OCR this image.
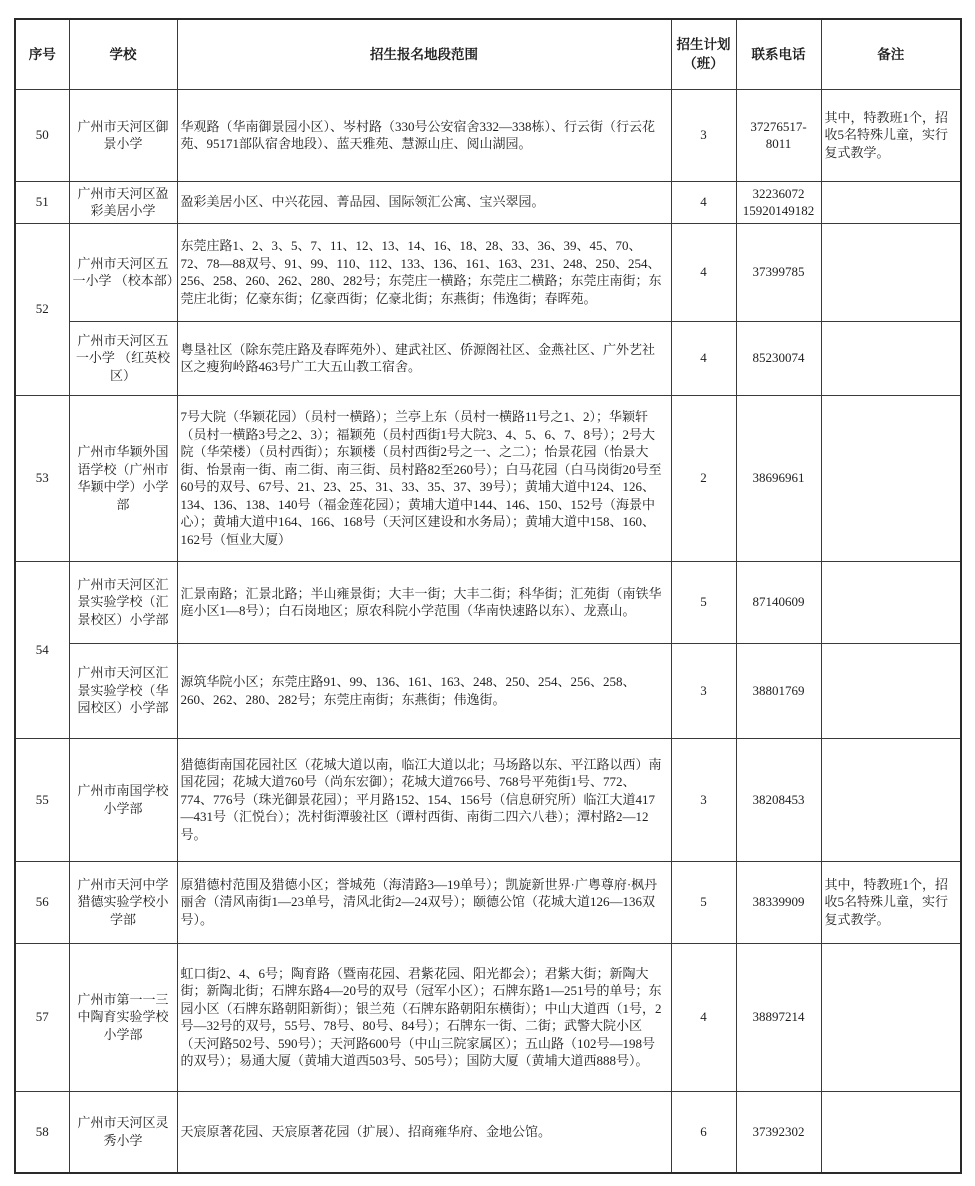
序号	学校	招生报名地段范围	招生计划（班）	联系电话	备注
50	广州市天河区御景小学	华观路（华南御景园小区）、岑村路（330号公安宿舍332—338栋）、行云街（行云花苑、95171部队宿舍地段）、蓝天雅苑、慧源山庄、阅山湖园。	3	37276517-8011	其中，特教班1个，招收5名特殊儿童，实行复式教学。
51	广州市天河区盈彩美居小学	盈彩美居小区、中兴花园、菁品园、国际领汇公寓、宝兴翠园。	4	32236072 15920149182	
52	广州市天河区五一小学 （校本部）	东莞庄路1、2、3、5、7、11、12、13、14、16、18、28、33、36、39、45、70、72、78—88双号、91、99、110、112、133、136、161、163、231、248、250、254、256、258、260、262、280、282号；东莞庄一横路；东莞庄二横路；东莞庄南街；东莞庄北街；亿豪东街；亿豪西街；亿豪北街；东燕街；伟逸街；春晖苑。	4	37399785	
	广州市天河区五一小学 （红英校区）	粤垦社区（除东莞庄路及春晖苑外）、建武社区、侨源阁社区、金燕社区、广外艺社区之瘦狗岭路463号广工大五山教工宿舍。	4	85230074	
53	广州市华颖外国语学校（广州市华颖中学）小学部	7号大院（华颖花园）（员村一横路）；兰亭上东（员村一横路11号之1、2）；华颖轩（员村一横路3号之2、3）；福颖苑（员村西街1号大院3、4、5、6、7、8号）；2号大院（华荣楼）（员村西街）；东颖楼（员村西街2号之一、之二）；怡景花园（怡景大街、怡景南一街、南二街、南三街、员村路82至260号）；白马花园（白马岗街20号至60号的双号、67号、21、23、25、31、33、35、37、39号）；黄埔大道中124、126、134、136、138、140号（福金莲花园）；黄埔大道中144、146、150、152号（海景中心）；黄埔大道中164、166、168号（天河区建设和水务局）；黄埔大道中158、160、162号（恒业大厦）	2	38696961	
54	广州市天河区汇景实验学校（汇景校区）小学部	汇景南路；汇景北路；半山雍景街；大丰一街；大丰二街；科华街；汇苑街（南铁华庭小区1—8号）；白石岗地区；原农科院小学范围（华南快速路以东）、龙熹山。	5	87140609	
	广州市天河区汇景实验学校（华园校区）小学部	源筑华院小区；东莞庄路91、99、136、161、163、248、250、254、256、258、260、262、280、282号；东莞庄南街；东燕街；伟逸街。	3	38801769	
55	广州市南国学校小学部	猎德街南国花园社区（花城大道以南，临江大道以北；马场路以东、平江路以西）南国花园；花城大道760号（尚东宏御）；花城大道766号、768号平苑街1号、772、774、776号（珠光御景花园）；平月路152、154、156号（信息研究所）临江大道417—431号（汇悦台）；冼村街潭骏社区（谭村西街、南街二四六八巷）；潭村路2—12号。	3	38208453	
56	广州市天河中学猎德实验学校小学部	原猎德村范围及猎德小区；誉城苑（海清路3—19单号）；凯旋新世界·广粤尊府·枫丹丽舍（清风南街1—23单号，清风北街2—24双号）；颐德公馆（花城大道126—136双号）。	5	38339909	其中，特教班1个，招收5名特殊儿童，实行复式教学。
57	广州市第一一三中陶育实验学校小学部	虹口街2、4、6号；陶育路（暨南花园、君紫花园、阳光都会）；君紫大街；新陶大街；新陶北街；石牌东路4—20号的双号（冠军小区）；石牌东路1—251号的单号；东园小区（石牌东路朝阳新街）；银兰苑（石牌东路朝阳东横街）；中山大道西（1号，2号—32号的双号，55号、78号、80号、84号）；石牌东一街、二街；武警大院小区（天河路502号、590号）；天河路600号（中山三院家属区）；五山路（102号—198号的双号）；易通大厦（黄埔大道西503号、505号）；国防大厦（黄埔大道西888号）。	4	38897214	
58	广州市天河区灵秀小学	天宸原著花园、天宸原著花园（扩展）、招商雍华府、金地公馆。	6	37392302	
